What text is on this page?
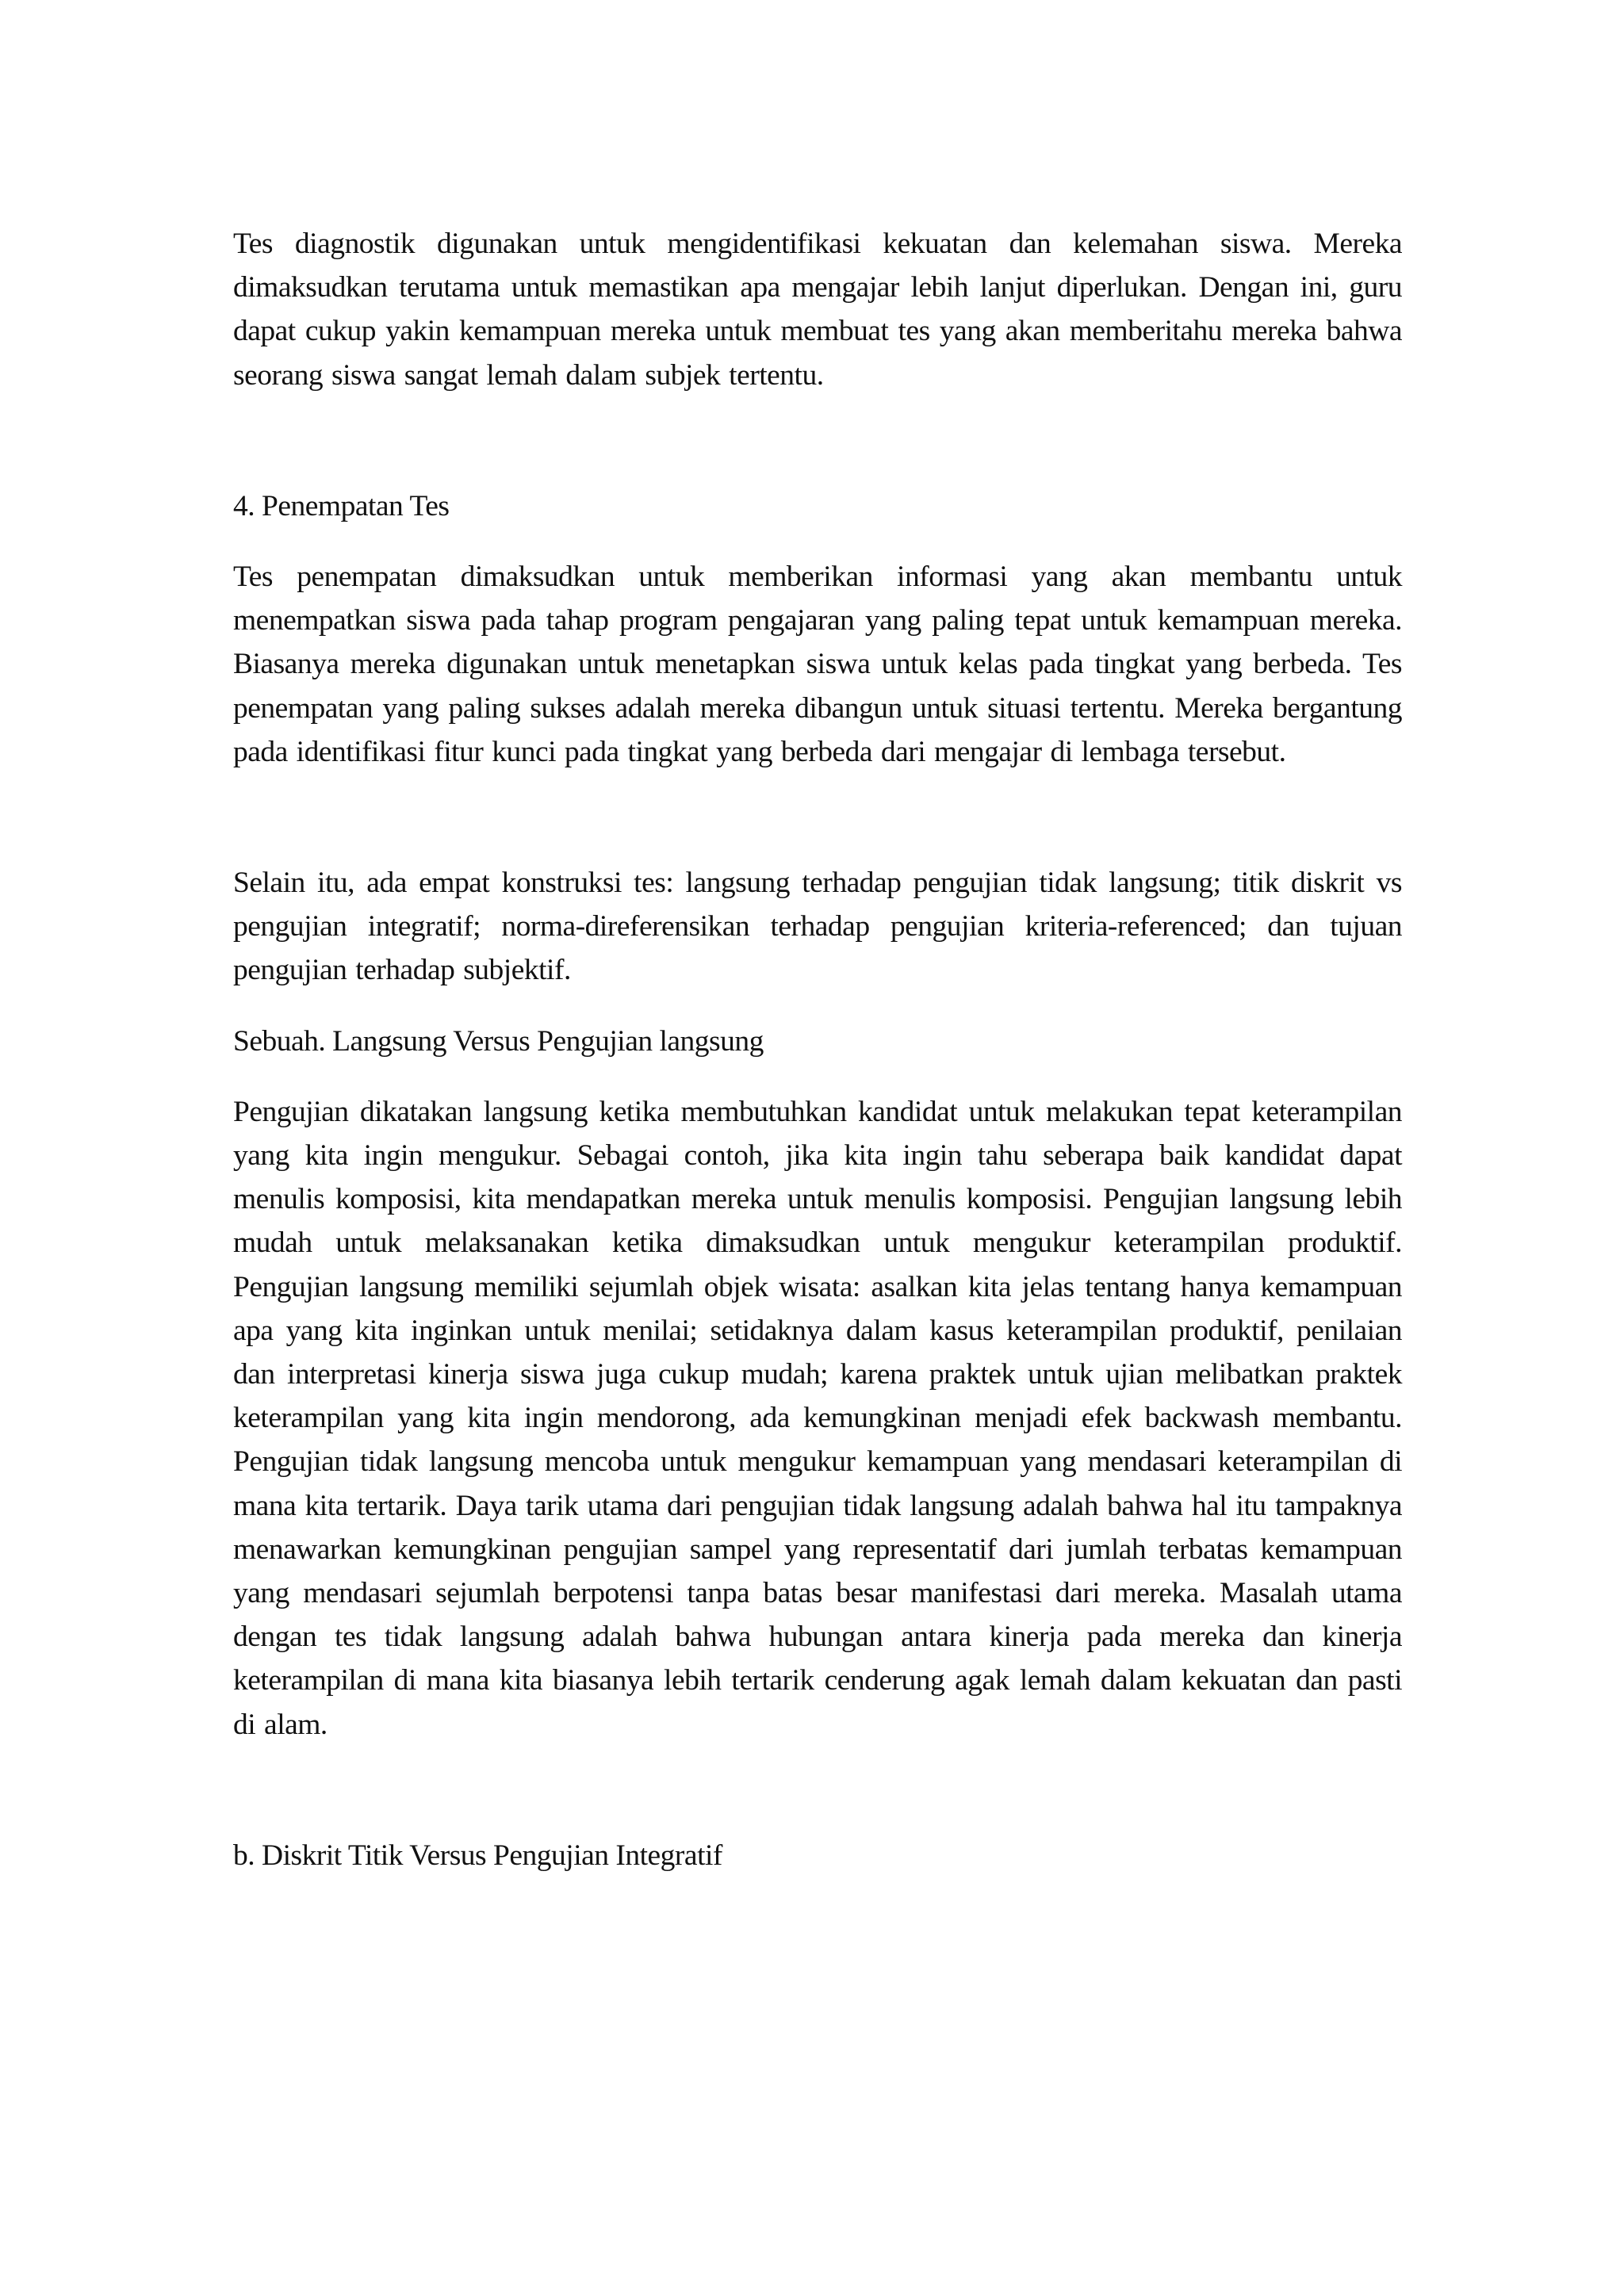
Tes diagnostik digunakan untuk mengidentifikasi kekuatan dan kelemahan siswa. Mereka dimaksudkan terutama untuk memastikan apa mengajar lebih lanjut diperlukan. Dengan ini, guru dapat cukup yakin kemampuan mereka untuk membuat tes yang akan memberitahu mereka bahwa seorang siswa sangat lemah dalam subjek tertentu.

4. Penempatan Tes

Tes penempatan dimaksudkan untuk memberikan informasi yang akan membantu untuk menempatkan siswa pada tahap program pengajaran yang paling tepat untuk kemampuan mereka. Biasanya mereka digunakan untuk menetapkan siswa untuk kelas pada tingkat yang berbeda. Tes penempatan yang paling sukses adalah mereka dibangun untuk situasi tertentu. Mereka bergantung pada identifikasi fitur kunci pada tingkat yang berbeda dari mengajar di lembaga tersebut.

Selain itu, ada empat konstruksi tes: langsung terhadap pengujian tidak langsung; titik diskrit vs pengujian integratif; norma-direferensikan terhadap pengujian kriteria-referenced; dan tujuan pengujian terhadap subjektif.

Sebuah. Langsung Versus Pengujian langsung

Pengujian dikatakan langsung ketika membutuhkan kandidat untuk melakukan tepat keterampilan yang kita ingin mengukur. Sebagai contoh, jika kita ingin tahu seberapa baik kandidat dapat menulis komposisi, kita mendapatkan mereka untuk menulis komposisi. Pengujian langsung lebih mudah untuk melaksanakan ketika dimaksudkan untuk mengukur keterampilan produktif. Pengujian langsung memiliki sejumlah objek wisata: asalkan kita jelas tentang hanya kemampuan apa yang kita inginkan untuk menilai; setidaknya dalam kasus keterampilan produktif, penilaian dan interpretasi kinerja siswa juga cukup mudah; karena praktek untuk ujian melibatkan praktek keterampilan yang kita ingin mendorong, ada kemungkinan menjadi efek backwash membantu. Pengujian tidak langsung mencoba untuk mengukur kemampuan yang mendasari keterampilan di mana kita tertarik. Daya tarik utama dari pengujian tidak langsung adalah bahwa hal itu tampaknya menawarkan kemungkinan pengujian sampel yang representatif dari jumlah terbatas kemampuan yang mendasari sejumlah berpotensi tanpa batas besar manifestasi dari mereka. Masalah utama dengan tes tidak langsung adalah bahwa hubungan antara kinerja pada mereka dan kinerja keterampilan di mana kita biasanya lebih tertarik cenderung agak lemah dalam kekuatan dan pasti di alam.

b. Diskrit Titik Versus Pengujian Integratif
